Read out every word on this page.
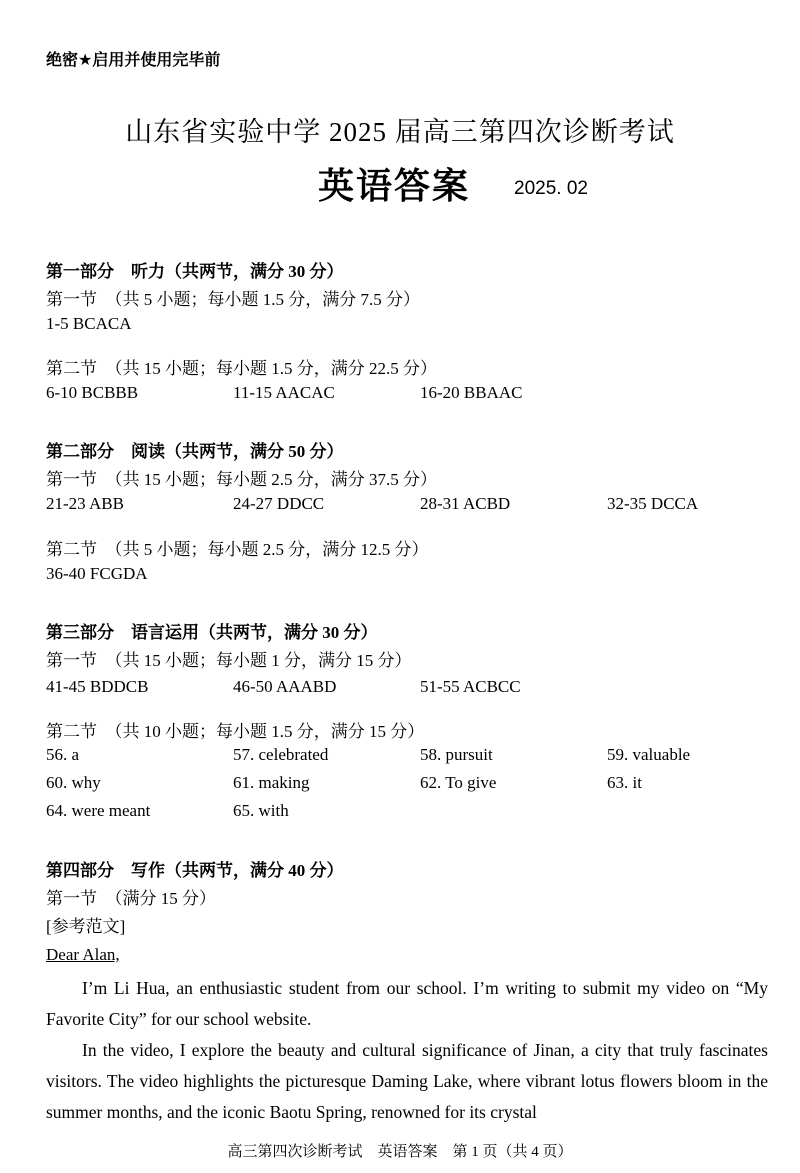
绝密★启用并使用完毕前
山东省实验中学 2025 届高三第四次诊断考试
英语答案 2025. 02
第一部分　听力（共两节，满分 30 分）
第一节　（共 5 小题；每小题 1.5 分，满分 7.5 分）
1-5 BCACA
第二节　（共 15 小题；每小题 1.5 分，满分 22.5 分）
6-10 BCBBB	11-15 AACAC	16-20 BBAAC
第二部分　阅读（共两节，满分 50 分）
第一节　（共 15 小题；每小题 2.5 分，满分 37.5 分）
21-23 ABB	24-27 DDCC	28-31 ACBD	32-35 DCCA
第二节　（共 5 小题；每小题 2.5 分，满分 12.5 分）
36-40 FCGDA
第三部分　语言运用（共两节，满分 30 分）
第一节　（共 15 小题；每小题 1 分，满分 15 分）
41-45 BDDCB	46-50 AAABD	51-55 ACBCC
第二节　（共 10 小题；每小题 1.5 分，满分 15 分）
56. a	57. celebrated	58. pursuit	59. valuable
60. why	61. making	62. To give	63. it
64. were meant	65. with
第四部分　写作（共两节，满分 40 分）
第一节　（满分 15 分）
[参考范文]
Dear Alan,
I’m Li Hua, an enthusiastic student from our school. I’m writing to submit my video on “My Favorite City” for our school website.
In the video, I explore the beauty and cultural significance of Jinan, a city that truly fascinates visitors. The video highlights the picturesque Daming Lake, where vibrant lotus flowers bloom in the summer months, and the iconic Baotu Spring, renowned for its crystal
高三第四次诊断考试　英语答案　第 1 页（共 4 页）
